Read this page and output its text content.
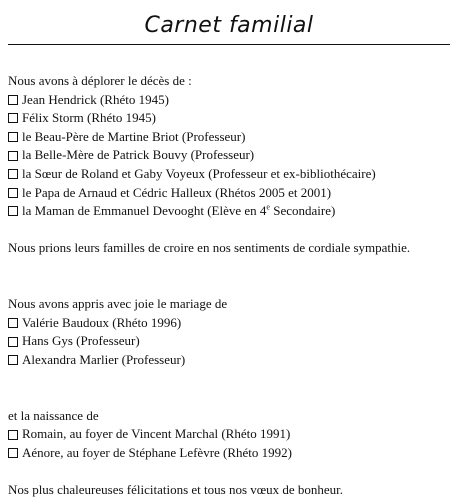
Carnet familial
Nous avons à déplorer le décès de :
Jean Hendrick (Rhéto 1945)
Félix Storm (Rhéto 1945)
le Beau-Père de Martine Briot (Professeur)
la Belle-Mère de Patrick Bouvy (Professeur)
la Sœur de Roland et Gaby Voyeux (Professeur et ex-bibliothécaire)
le Papa de Arnaud et Cédric Halleux (Rhétos 2005 et 2001)
la Maman de Emmanuel Devooght (Elève en 4e Secondaire)
Nous prions leurs familles de croire en nos sentiments de cordiale sympathie.
Nous avons appris avec joie le mariage de
Valérie Baudoux (Rhéto 1996)
Hans Gys (Professeur)
Alexandra Marlier (Professeur)
et la naissance de
Romain, au foyer de Vincent Marchal (Rhéto 1991)
Aénore, au foyer de Stéphane Lefèvre (Rhéto 1992)
Nos plus chaleureuses félicitations et tous nos vœux de bonheur.
